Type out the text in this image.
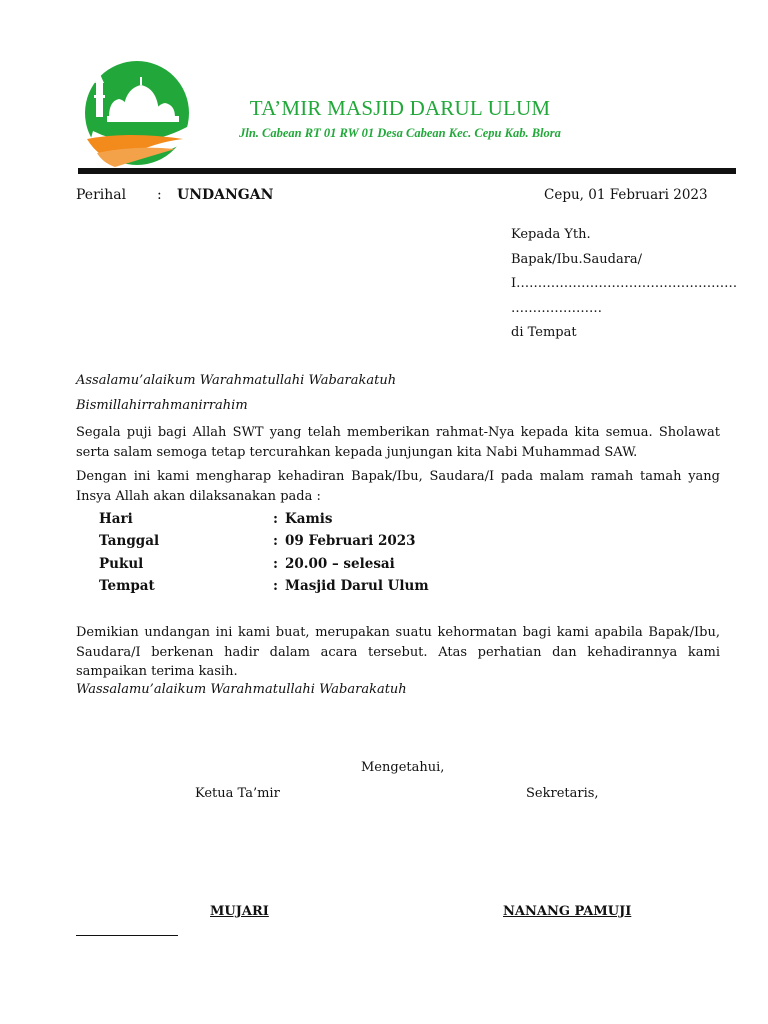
مسجد دار العلوم
TA’MIR MASJID DARUL ULUM
Jln. Cabean RT 01 RW 01 Desa Cabean Kec. Cepu Kab. Blora
Perihal : UNDANGAN	Cepu, 01 Februari 2023
Kepada Yth.
Bapak/Ibu.Saudara/
I……………………………………………
…………………
di Tempat
Assalamu’alaikum Warahmatullahi Wabarakatuh
Bismillahirrahmanirrahim
Segala puji bagi Allah SWT yang telah memberikan rahmat-Nya kepada kita semua. Sholawat serta salam semoga tetap tercurahkan kepada junjungan kita Nabi Muhammad SAW.
Dengan ini kami mengharap kehadiran Bapak/Ibu, Saudara/I pada malam ramah tamah yang Insya Allah akan dilaksanakan pada :
Hari	: Kamis
Tanggal	: 09 Februari 2023
Pukul	: 20.00 – selesai
Tempat	: Masjid Darul Ulum
Demikian undangan ini kami buat, merupakan suatu kehormatan bagi kami apabila Bapak/Ibu, Saudara/I berkenan hadir dalam acara tersebut. Atas perhatian dan kehadirannya kami sampaikan terima kasih.
Wassalamu’alaikum Warahmatullahi Wabarakatuh
Mengetahui,
Ketua Ta’mir	Sekretaris,
MUJARI	NANANG PAMUJI
